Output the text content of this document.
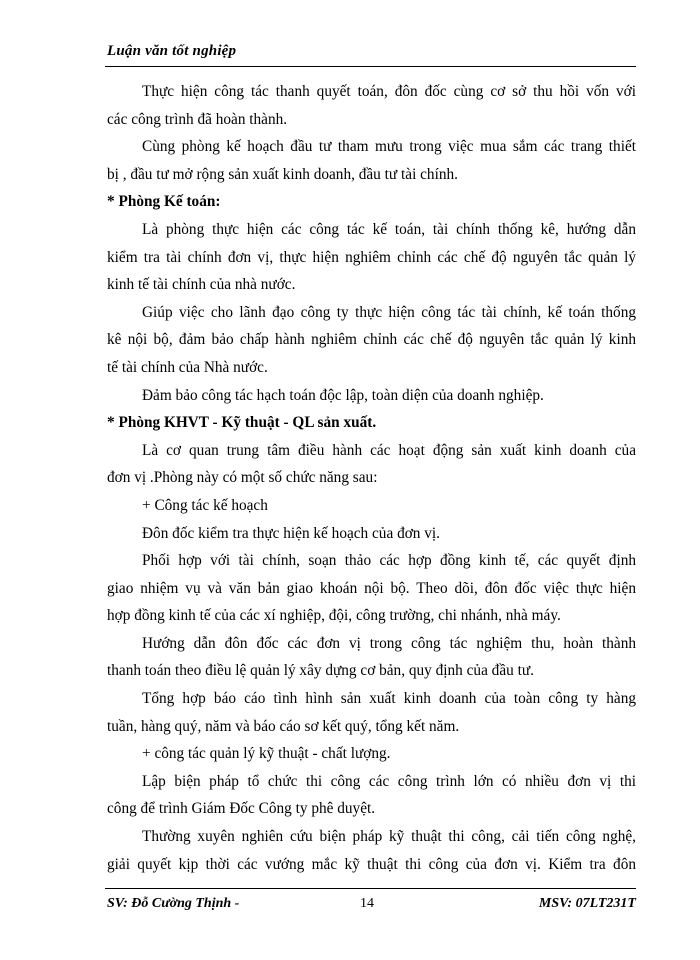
Luận văn tốt nghiệp
Thực hiện công tác thanh quyết toán, đôn đốc cùng cơ sở thu hồi vốn với
các công trình đã hoàn thành.
Cùng phòng kế hoạch đầu tư tham mưu trong việc mua sắm các trang thiết
bị , đầu tư mở rộng sản xuất kinh doanh, đầu tư tài chính.
* Phòng Kế toán:
Là phòng thực hiện các công tác kế toán, tài chính thống kê, hướng dẫn
kiểm tra tài chính đơn vị, thực hiện nghiêm chỉnh các chế độ nguyên tắc quản lý
kinh tế tài chính của nhà nước.
Giúp việc cho lãnh đạo công ty thực hiện công tác tài chính, kế toán thống
kê nội bộ, đảm bảo chấp hành nghiêm chỉnh các chế độ nguyên tắc quản lý kinh
tế tài chính của Nhà nước.
Đảm bảo công tác hạch toán độc lập, toàn diện của doanh nghiệp.
* Phòng KHVT - Kỹ thuật - QL sản xuất.
Là cơ quan trung tâm điều hành các hoạt động sản xuất kinh doanh của
đơn vị .Phòng này có một số chức năng sau:
+ Công tác kế hoạch
Đôn đốc kiểm tra thực hiện kế hoạch của đơn vị.
Phối hợp với tài chính, soạn thảo các hợp đồng kinh tế, các quyết định
giao nhiệm vụ và văn bản giao khoán nội bộ. Theo dõi, đôn đốc việc thực hiện
hợp đồng kinh tế của các xí nghiệp, đội, công trường, chi nhánh, nhà máy.
Hướng dẫn đôn đốc các đơn vị trong công tác nghiệm thu, hoàn thành
thanh toán theo điều lệ quản lý xây dựng cơ bản, quy định của đầu tư.
Tổng hợp báo cáo tình hình sản xuất kinh doanh của toàn công ty hàng
tuần, hàng quý, năm và báo cáo sơ kết quý, tổng kết năm.
+ công tác quản lý kỹ thuật - chất lượng.
Lập biện pháp tổ chức thi công các công trình lớn có nhiều đơn vị thi
công để trình Giám Đốc Công ty phê duyệt.
Thường xuyên nghiên cứu biện pháp kỹ thuật thi công, cải tiến công nghệ,
giải quyết kịp thời các vướng mắc kỹ thuật thi công của đơn vị. Kiểm tra đôn
SV: Đỗ Cường Thịnh -	14	MSV: 07LT231T
